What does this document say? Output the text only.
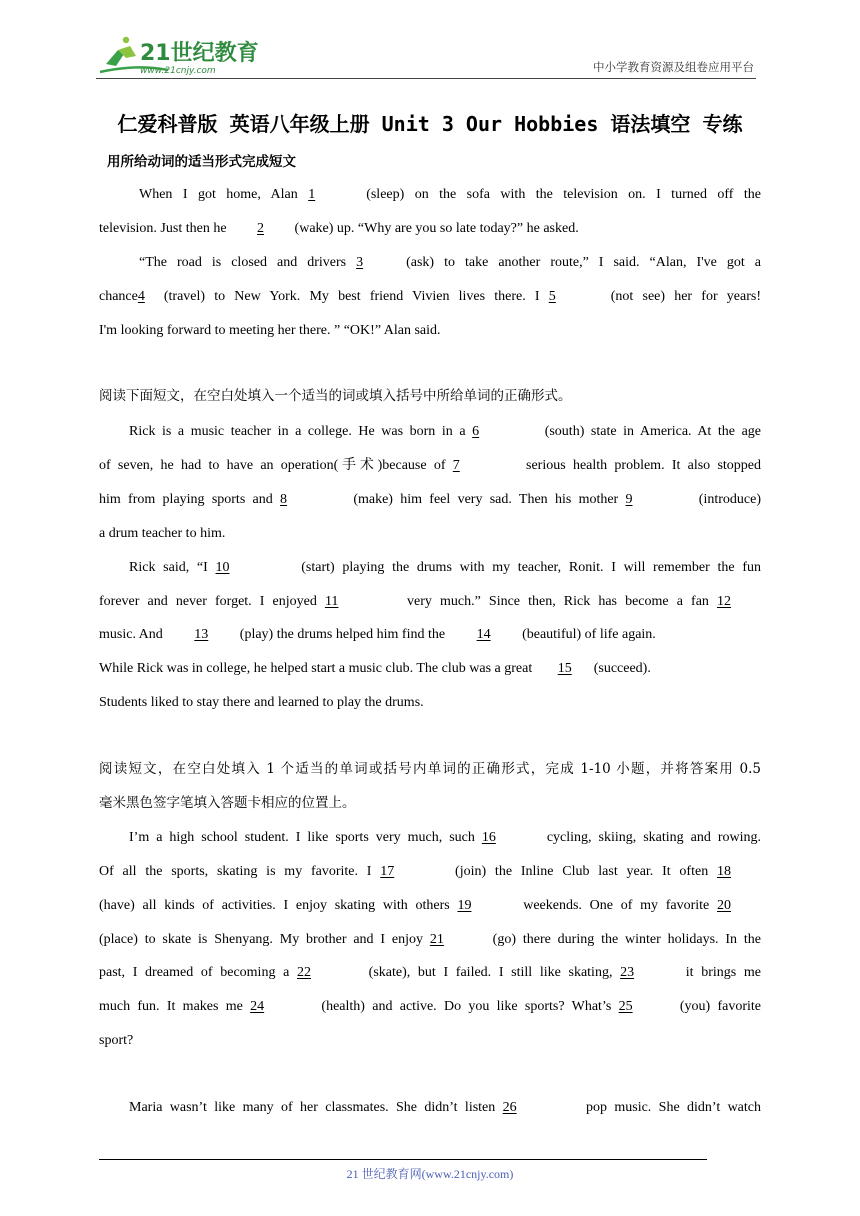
21世纪教育
www.21cnjy.com	中小学教育资源及组卷应用平台
仁爱科普版 英语八年级上册 Unit 3 Our Hobbies 语法填空 专练
用所给动词的适当形式完成短文
When I got home, Alan 1	(sleep) on the sofa with the television on. I turned off the
television. Just then he 2 (wake) up. “Why are you so late today?” he asked.
“The road is closed and drivers 3	(ask) to take another route,” I said. “Alan, I've got a
chance4 (travel) to New York. My best friend Vivien lives there. I 5	(not see) her for years!
I'm looking forward to meeting her there. ” “OK!” Alan said.
阅读下面短文，在空白处填入一个适当的词或填入括号中所给单词的正确形式。
Rick is a music teacher in a college. He was born in a 6	(south) state in America. At the age
of seven, he had to have an operation(手术)because of 7	serious health problem. It also stopped
him from playing sports and 8	(make) him feel very sad. Then his mother 9	(introduce)
a drum teacher to him.
Rick said, “I 10	(start) playing the drums with my teacher, Ronit. I will remember the fun
forever and never forget. I enjoyed 11	very much.” Since then, Rick has become a fan 12
music. And 13 (play) the drums helped him find the 14 (beautiful) of life again.
While Rick was in college, he helped start a music club. The club was a great 15 (succeed).
Students liked to stay there and learned to play the drums.
阅读短文，在空白处填入 1 个适当的单词或括号内单词的正确形式，完成 1-10 小题，并将答案用 0.5
毫米黑色签字笔填入答题卡相应的位置上。
I’m a high school student. I like sports very much, such 16	cycling, skiing, skating and rowing.
Of all the sports, skating is my favorite. I 17	(join) the Inline Club last year. It often 18
(have) all kinds of activities. I enjoy skating with others 19	weekends. One of my favorite 20
(place) to skate is Shenyang. My brother and I enjoy 21	(go) there during the winter holidays. In the
past, I dreamed of becoming a 22	(skate), but I failed. I still like skating, 23	it brings me
much fun. It makes me 24	(health) and active. Do you like sports? What’s 25	(you) favorite
sport?
Maria wasn’t like many of her classmates. She didn’t listen 26	pop music. She didn’t watch
21 世纪教育网(www.21cnjy.com)
